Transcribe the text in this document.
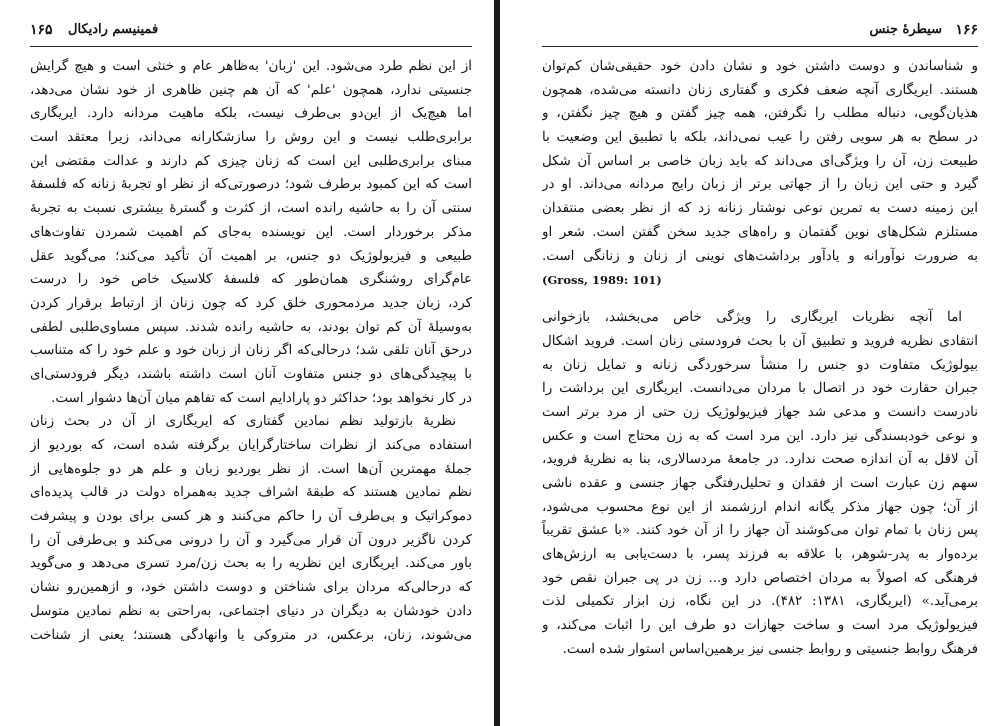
فمینیسم رادیکال
۱۶۵
از این نظم طرد می‌شود. این 'زبان' به‌ظاهر عام و خنثی است و هیچ گرایش
جنسیتی ندارد، همچون 'علم' که آن هم چنین ظاهری از خود نشان می‌دهد،
اما هیچ‌یک از این‌دو بی‌طرف نیست، بلکه ماهیت مردانه دارد. ایریگاری
برابری‌طلب نیست و این روش را سازشکارانه می‌داند، زیرا معتقد است
مبنای برابری‌طلبی این است که زنان چیزی کم دارند و عدالت مقتضی این
است که این کمبود برطرف شود؛ درصورتی‌که از نظر او تجربهٔ زنانه که فلسفهٔ
سنتی آن را به حاشیه رانده است، از کثرت و گسترهٔ بیشتری نسبت به تجربهٔ
مذکر برخوردار است. این نویسنده به‌جای کم اهمیت شمردن تفاوت‌های
طبیعی و فیزیولوژیک دو جنس، بر اهمیت آن تأکید می‌کند؛ می‌گوید عقل
عام‌گرای روشنگری همان‌طور که فلسفهٔ کلاسیک خاص خود را درست
کرد، زبان جدید مردمحوری خلق کرد که چون زنان از ارتباط برقرار کردن
به‌وسیلهٔ آن کم توان بودند، به حاشیه رانده شدند. سپس مساوی‌طلبی لطفی
درحق آنان تلقی شد؛ درحالی‌که اگر زنان از زبان خود و علم خود را که متناسب
با پیچیدگی‌های دو جنس متفاوت آنان است داشته باشند، دیگر فرودستی‌ای
در کار نخواهد بود؛ حداکثر دو پارادایم است که تفاهم میان آن‌ها دشوار است.
نظریهٔ بازتولید نظم نمادین گفتاری که ایریگاری از آن در بحث زنان
استفاده می‌کند از نظرات ساختارگرایان برگرفته شده است، که بوردیو از
جملهٔ مهمترین آن‌ها است. از نظر بوردیو زبان و علم هر دو جلوه‌هایی از
نظم نمادین هستند که طبقهٔ اشراف جدید به‌همراه دولت در قالب پدیده‌ای
دموکراتیک و بی‌طرف آن را حاکم می‌کنند و هر کسی برای بودن و پیشرفت
کردن ناگزیر درون آن قرار می‌گیرد و آن را درونی می‌کند و بی‌طرفی آن را
باور می‌کند. ایریگاری این نظریه را به بحث زن/مرد تسری می‌دهد و می‌گوید
که درحالی‌که مردان برای شناختن و دوست داشتن خود، و ازهمین‌رو نشان
دادن خودشان به دیگران در دنیای اجتماعی، به‌راحتی به نظم نمادین متوسل
می‌شوند، زنان، برعکس، در متروکی یا وانهادگی هستند؛ یعنی از شناخت
۱۶۶
سیطرهٔ جنس
و شناساندن و دوست داشتن خود و نشان دادن خود حقیقی‌شان کم‌توان
هستند. ایریگاری آنچه ضعف فکری و گفتاری زنان دانسته می‌شده، همچون
هذیان‌گویی، دنباله مطلب را نگرفتن، همه چیز گفتن و هیچ چیز نگفتن، و
در سطح به هر سویی رفتن را عیب نمی‌داند، بلکه با تطبیق این وضعیت با
طبیعت زن، آن را ویژگی‌ای می‌داند که باید زبان خاصی بر اساس آن شکل
گیرد و حتی این زبان را از جهاتی برتر از زبان رایج مردانه می‌داند. او در
این زمینه دست به تمرین نوعی نوشتار زنانه زد که از نظر بعضی منتقدان
مستلزم شکل‌های نوین گفتمان و راه‌های جدید سخن گفتن است. شعر او
به ضرورت نوآورانه و یادآور برداشت‌های نوینی از زنان و زنانگی است.
(Gross, 1989: 101)
اما آنچه نظریات ایریگاری را ویژگی خاص می‌بخشد، بازخوانی
انتقادی نظریه فروید و تطبیق آن با بحث فرودستی زنان است. فروید اشکال
بیولوژیک متفاوت دو جنس را منشأ سرخوردگی زنانه و تمایل زنان به
جبران حقارت خود در اتصال با مردان می‌دانست. ایریگاری این برداشت را
نادرست دانست و مدعی شد جهاز فیزیولوژیک زن حتی از مرد برتر است
و نوعی خودبسندگی نیز دارد. این مرد است که به زن محتاج است و عکس
آن لاقل به آن اندازه صحت ندارد. در جامعهٔ مردسالاری، بنا به نظریهٔ فروید،
سهم زن عبارت است از فقدان و تحلیل‌رفتگی جهاز جنسی و عقده ناشی
از آن؛ چون جهاز مذکر یگانه اندام ارزشمند از این نوع محسوب می‌شود،
پس زنان با تمام توان می‌کوشند آن جهاز را از آن خود کنند. «با عشق تقریباً
برده‌وار به پدر-شوهر، با علاقه به فرزند پسر، با دست‌یابی به ارزش‌های
فرهنگی که اصولاً به مردان اختصاص دارد و... زن در پی جبران نقص خود
برمی‌آید.» (ایریگاری، ۱۳۸۱: ۴۸۲). در این نگاه، زن ابزار تکمیلی لذت
فیزیولوژیک مرد است و ساخت جهازات دو طرف این را اثبات می‌کند، و
فرهنگ روابط جنسیتی و روابط جنسی نیز برهمین‌اساس استوار شده است.
